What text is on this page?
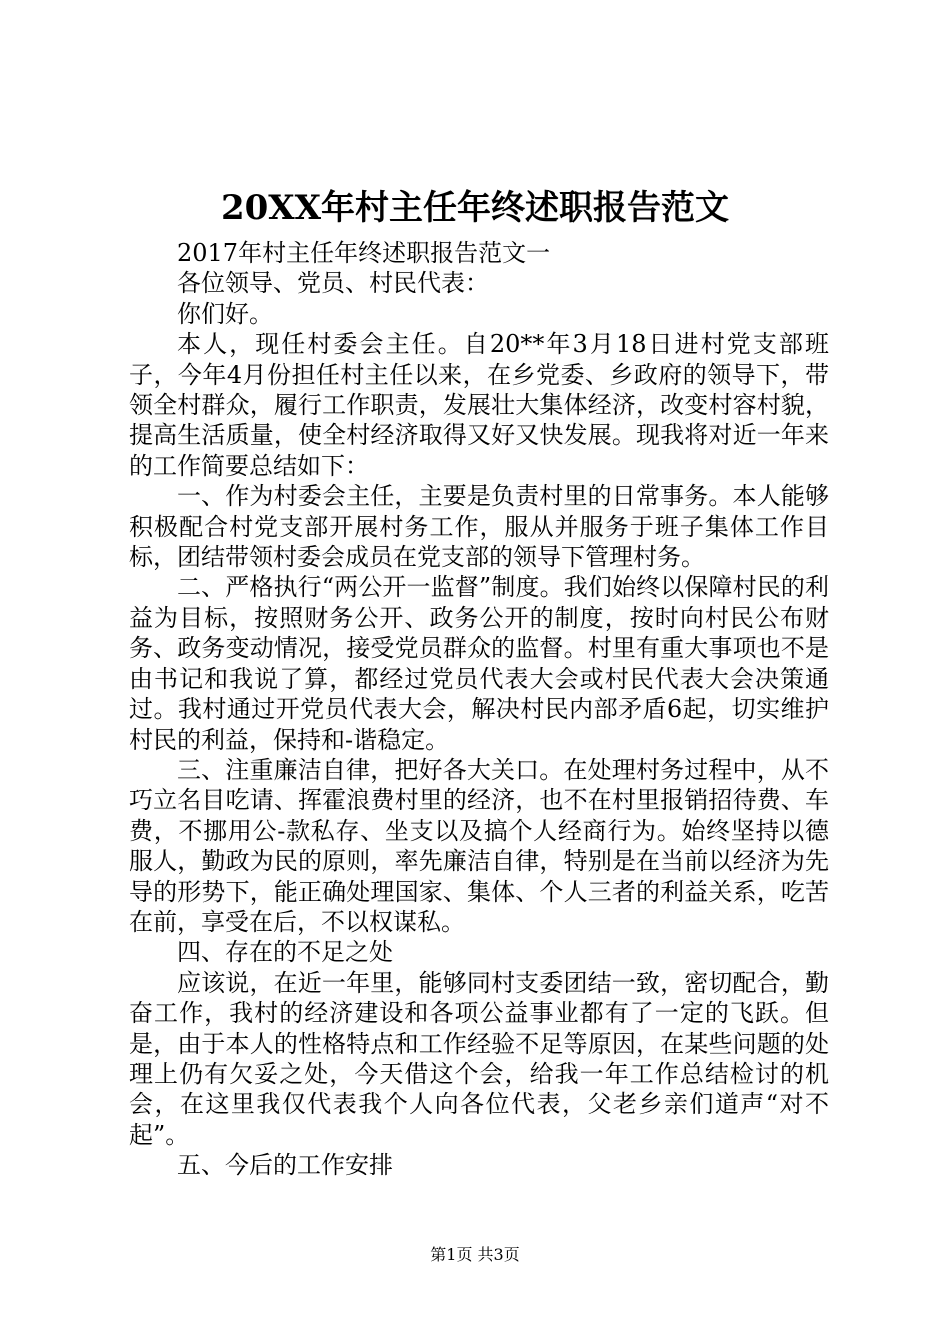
20XX年村主任年终述职报告范文

2017年村主任年终述职报告范文一

各位领导、党员、村民代表：

你们好。

本人，现任村委会主任。自20**年3月18日进村党支部班子，今年4月份担任村主任以来，在乡党委、乡政府的领导下，带领全村群众，履行工作职责，发展壮大集体经济，改变村容村貌，提高生活质量，使全村经济取得又好又快发展。现我将对近一年来的工作简要总结如下：

一、作为村委会主任，主要是负责村里的日常事务。本人能够积极配合村党支部开展村务工作，服从并服务于班子集体工作目标，团结带领村委会成员在党支部的领导下管理村务。

二、严格执行“两公开一监督”制度。我们始终以保障村民的利益为目标，按照财务公开、政务公开的制度，按时向村民公布财务、政务变动情况，接受党员群众的监督。村里有重大事项也不是由书记和我说了算，都经过党员代表大会或村民代表大会决策通过。我村通过开党员代表大会，解决村民内部矛盾6起，切实维护村民的利益，保持和-谐稳定。

三、注重廉洁自律，把好各大关口。在处理村务过程中，从不巧立名目吃请、挥霍浪费村里的经济，也不在村里报销招待费、车费，不挪用公-款私存、坐支以及搞个人经商行为。始终坚持以德服人，勤政为民的原则，率先廉洁自律，特别是在当前以经济为先导的形势下，能正确处理国家、集体、个人三者的利益关系，吃苦在前，享受在后，不以权谋私。

四、存在的不足之处

应该说，在近一年里，能够同村支委团结一致，密切配合，勤奋工作，我村的经济建设和各项公益事业都有了一定的飞跃。但是，由于本人的性格特点和工作经验不足等原因，在某些问题的处理上仍有欠妥之处，今天借这个会，给我一年工作总结检讨的机会，在这里我仅代表我个人向各位代表，父老乡亲们道声“对不起”。

五、今后的工作安排

第1页 共3页
